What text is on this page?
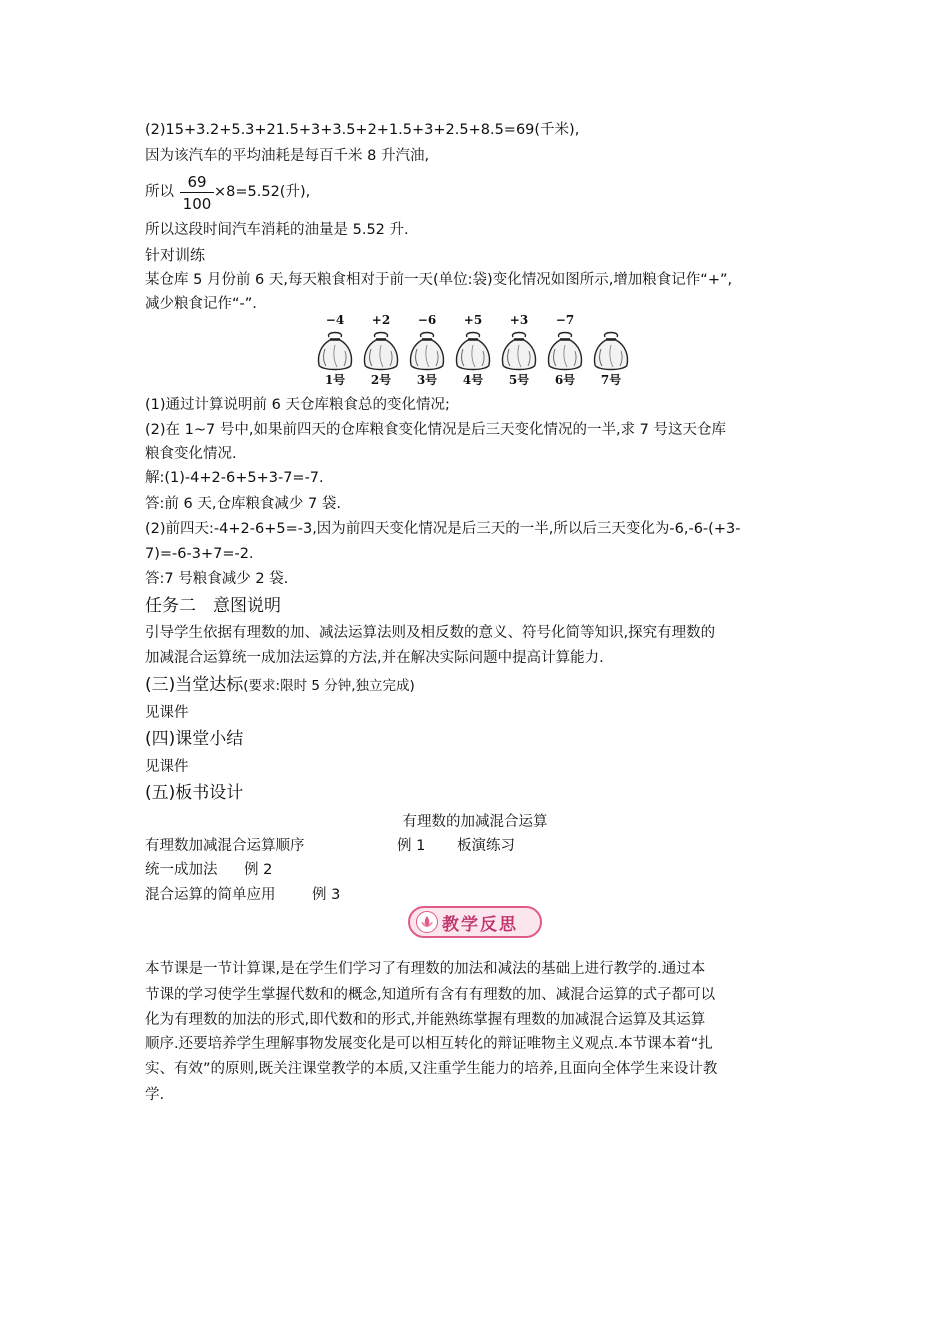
(2)15+3.2+5.3+21.5+3+3.5+2+1.5+3+2.5+8.5=69(千米),
因为该汽车的平均油耗是每百千米 8 升汽油,
所以
69
100
×8=5.52(升),
所以这段时间汽车消耗的油量是 5.52 升.
针对训练
某仓库 5 月份前 6 天,每天粮食相对于前一天(单位:袋)变化情况如图所示,增加粮食记作“+”,
减少粮食记作“-”.
−4
1号
+2
2号
−6
3号
+5
4号
+3
5号
−7
6号
	7号
(1)通过计算说明前 6 天仓库粮食总的变化情况;
(2)在 1~7 号中,如果前四天的仓库粮食变化情况是后三天变化情况的一半,求 7 号这天仓库
粮食变化情况.
解:(1)-4+2-6+5+3-7=-7.
答:前 6 天,仓库粮食减少 7 袋.
(2)前四天:-4+2-6+5=-3,因为前四天变化情况是后三天的一半,所以后三天变化为-6,-6-(+3-
7)=-6-3+7=-2.
答:7 号粮食减少 2 袋.
任务二　意图说明
引导学生依据有理数的加、减法运算法则及相反数的意义、符号化简等知识,探究有理数的
加减混合运算统一成加法运算的方法,并在解决实际问题中提高计算能力.
(三)当堂达标(要求:限时 5 分钟,独立完成)
见课件
(四)课堂小结
见课件
(五)板书设计
有理数的加减混合运算
有理数加减混合运算顺序	例 1 板演练习
统一成加法 例 2
混合运算的简单应用	例 3
教学反思
本节课是一节计算课,是在学生们学习了有理数的加法和减法的基础上进行教学的.通过本
节课的学习使学生掌握代数和的概念,知道所有含有有理数的加、减混合运算的式子都可以
化为有理数的加法的形式,即代数和的形式,并能熟练掌握有理数的加减混合运算及其运算
顺序.还要培养学生理解事物发展变化是可以相互转化的辩证唯物主义观点.本节课本着“扎
实、有效”的原则,既关注课堂教学的本质,又注重学生能力的培养,且面向全体学生来设计教
学.
